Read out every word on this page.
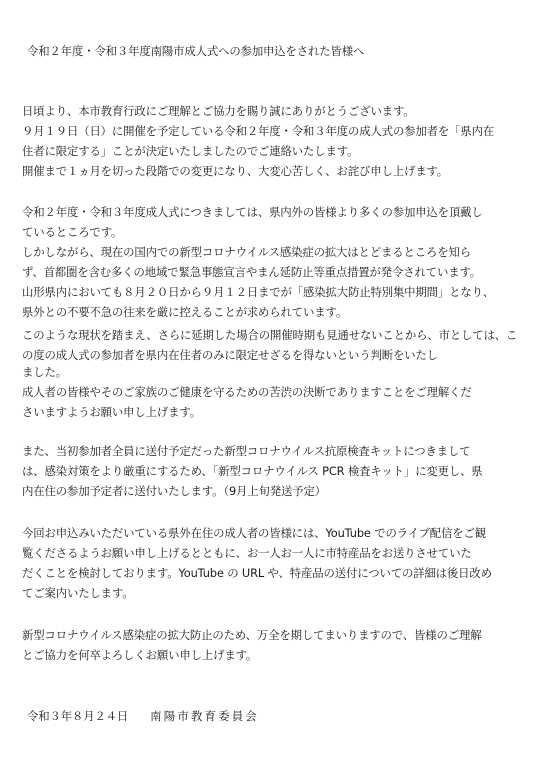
令和２年度・令和３年度南陽市成人式への参加申込をされた皆様へ
日頃より、本市教育行政にご理解とご協力を賜り誠にありがとうございます。
９月１９日（日）に開催を予定している令和２年度・令和３年度の成人式の参加者を「県内在
住者に限定する」ことが決定いたしましたのでご連絡いたします。
開催まで１ヵ月を切った段階での変更になり、大変心苦しく、お詫び申し上げます。
令和２年度・令和３年度成人式につきましては、県内外の皆様より多くの参加申込を頂戴し
ているところです。
しかしながら、現在の国内での新型コロナウイルス感染症の拡大はとどまるところを知ら
ず、首都圏を含む多くの地域で緊急事態宣言やまん延防止等重点措置が発令されています。
山形県内においても８月２０日から９月１２日までが「感染拡大防止特別集中期間」となり、
県外との不要不急の往来を厳に控えることが求められています。
このような現状を踏まえ、さらに延期した場合の開催時期も見通せないことから、市としては、この度の成人式の参加者を県内在住者のみに限定せざるを得ないという判断をいたし
ました。
成人者の皆様やそのご家族のご健康を守るための苦渋の決断でありますことをご理解くだ
さいますようお願い申し上げます。
また、当初参加者全員に送付予定だった新型コロナウイルス抗原検査キットにつきまして
は、感染対策をより厳重にするため、「新型コロナウイルス PCR 検査キット」に変更し、県
内在住の参加予定者に送付いたします。（9月上旬発送予定）
今回お申込みいただいている県外在住の成人者の皆様には、YouTube でのライブ配信をご観
覧くださるようお願い申し上げるとともに、お一人お一人に市特産品をお送りさせていた
だくことを検討しております。YouTube の URL や、特産品の送付についての詳細は後日改め
てご案内いたします。
新型コロナウイルス感染症の拡大防止のため、万全を期してまいりますので、皆様のご理解
とご協力を何卒よろしくお願い申し上げます。
令和３年８月２４日 南陽市教育委員会
